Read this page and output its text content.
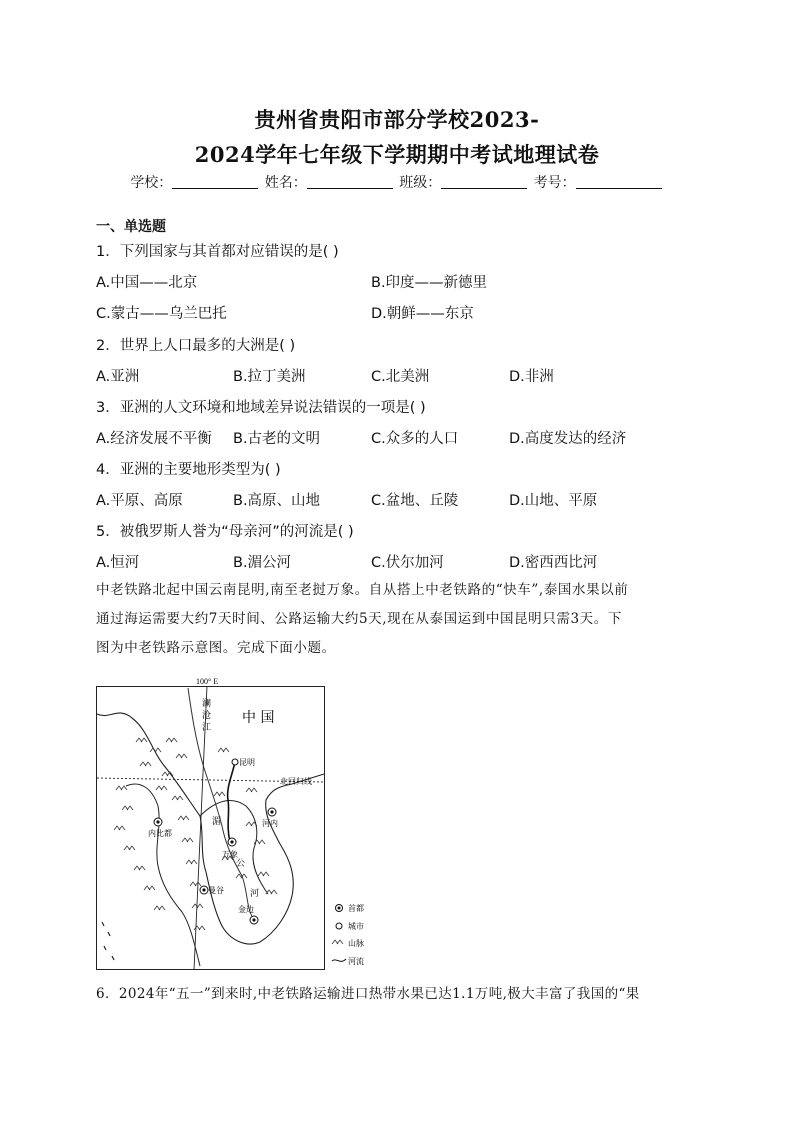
贵州省贵阳市部分学校2023-
2024学年七年级下学期期中考试地理试卷
学校：	姓名：	班级：	考号：
一、单选题
1．下列国家与其首都对应错误的是( )
A.中国——北京	B.印度——新德里
C.蒙古——乌兰巴托	D.朝鲜——东京
2．世界上人口最多的大洲是( )
A.亚洲	B.拉丁美洲	C.北美洲	D.非洲
3．亚洲的人文环境和地域差异说法错误的一项是( )
A.经济发展不平衡 B.古老的文明	C.众多的人口	D.高度发达的经济
4．亚洲的主要地形类型为( )
A.平原、高原	B.高原、山地	C.盆地、丘陵	D.山地、平原
5．被俄罗斯人誉为“母亲河”的河流是( )
A.恒河	B.湄公河	C.伏尔加河	D.密西西比河
中老铁路北起中国云南昆明,南至老挝万象。自从搭上中老铁路的“快车”,泰国水果以前
通过海运需要大约7天时间、公路运输大约5天,现在从泰国运到中国昆明只需3天。下
图为中老铁路示意图。完成下面小题。
100° E
北回归线
中 国
澜
沧
江
湄
公
河
昆明
河内
内比都
万象
曼谷
金边	首都
城市
山脉
河流
6．2024年“五一”到来时,中老铁路运输进口热带水果已达1.1万吨,极大丰富了我国的“果
